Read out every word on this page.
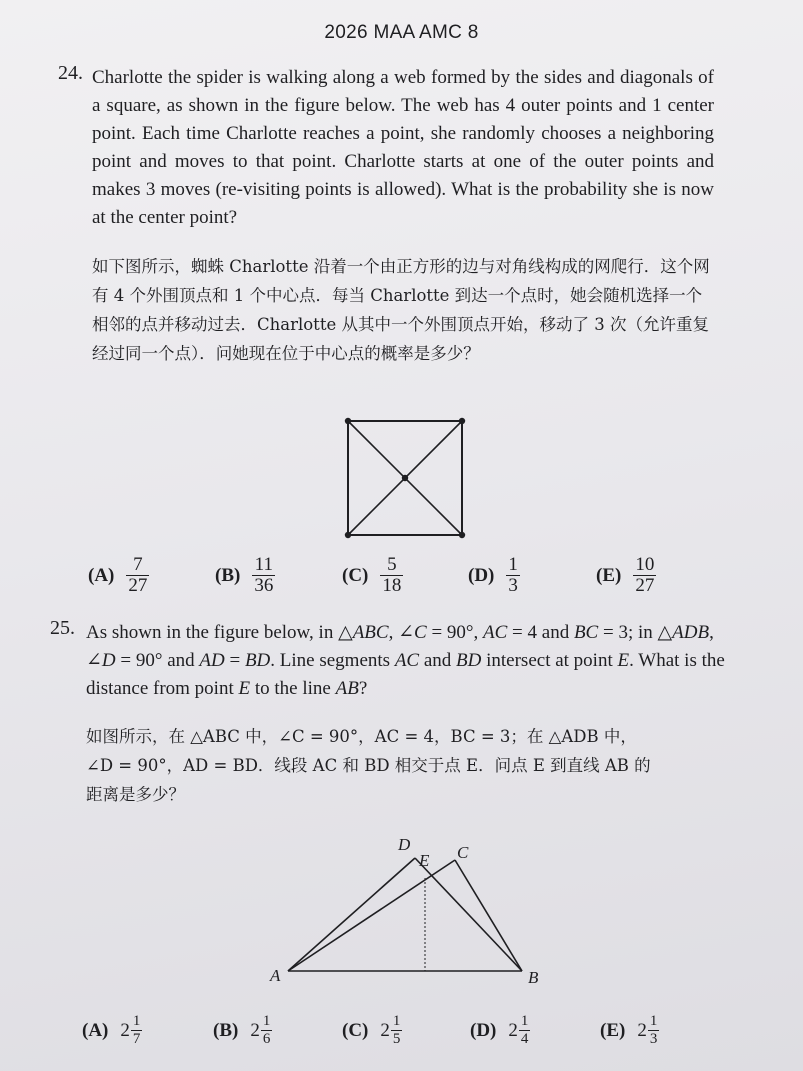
2026 MAA AMC 8
24. Charlotte the spider is walking along a web formed by the sides and diagonals of a square, as shown in the figure below. The web has 4 outer points and 1 center point. Each time Charlotte reaches a point, she randomly chooses a neighboring point and moves to that point. Charlotte starts at one of the outer points and makes 3 moves (re-visiting points is allowed). What is the probability she is now at the center point?
如下图所示，蜘蛛 Charlotte 沿着一个由正方形的边与对角线构成的网爬行．这个网有 4 个外围顶点和 1 个中心点．每当 Charlotte 到达一个点时，她会随机选择一个相邻的点并移动过去．Charlotte 从其中一个外围顶点开始，移动了 3 次（允许重复经过同一个点）．问她现在位于中心点的概率是多少？
$(A) \frac{7}{27}$	$(B) \frac{11}{36}$	$(C) \frac{5}{18}$	$(D) \frac{1}{3}$	$(E) \frac{10}{27}$
25. As shown in the figure below, in △ABC, ∠C = 90°, AC = 4 and BC = 3; in △ADB, ∠D = 90° and AD = BD. Line segments AC and BD intersect at point E. What is the distance from point E to the line AB?
如图所示，在 △ABC 中，∠C = 90°，AC = 4，BC = 3；在 △ADB 中，
∠D = 90°，AD = BD．线段 AC 和 BD 相交于点 E．问点 E 到直线 AB 的
距离是多少？
D
E C
A	B
(A) $2 \frac{1}{7}$	(B) $2 \frac{1}{6}$	(C) $2 \frac{1}{5}$	(D) $2 \frac{1}{4}$	(E) $2 \frac{1}{3}$
